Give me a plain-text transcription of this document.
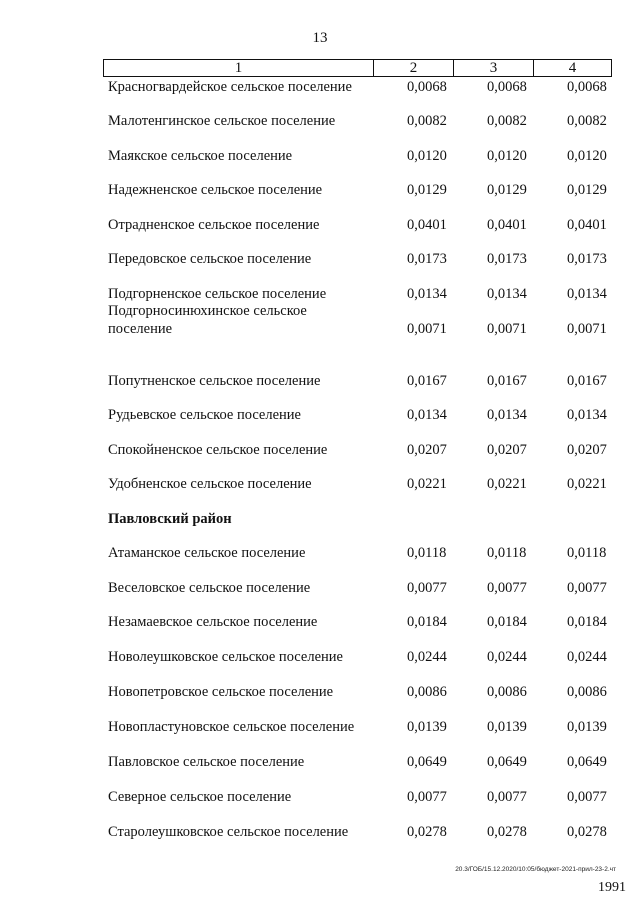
13
1	2	3	4
Красногвардейское сельское поселение	0,0068	0,0068	0,0068
Малотенгинское сельское поселение	0,0082	0,0082	0,0082
Маякское сельское поселение	0,0120	0,0120	0,0120
Надежненское сельское поселение	0,0129	0,0129	0,0129
Отрадненское сельское поселение	0,0401	0,0401	0,0401
Передовское сельское поселение	0,0173	0,0173	0,0173
Подгорненское сельское поселение	0,0134	0,0134	0,0134
Подгорносинюхинское сельское поселение	0,0071	0,0071	0,0071
Попутненское сельское поселение	0,0167	0,0167	0,0167
Рудьевское сельское поселение	0,0134	0,0134	0,0134
Спокойненское сельское поселение	0,0207	0,0207	0,0207
Удобненское сельское поселение	0,0221	0,0221	0,0221
Павловский район
Атаманское сельское поселение	0,0118	0,0118	0,0118
Веселовское сельское поселение	0,0077	0,0077	0,0077
Незамаевское сельское поселение	0,0184	0,0184	0,0184
Новолеушковское сельское поселение	0,0244	0,0244	0,0244
Новопетровское сельское поселение	0,0086	0,0086	0,0086
Новопластуновское сельское поселение	0,0139	0,0139	0,0139
Павловское сельское поселение	0,0649	0,0649	0,0649
Северное сельское поселение	0,0077	0,0077	0,0077
Старолеушковское сельское поселение	0,0278	0,0278	0,0278
20.3/ГОБ/15.12.2020/10:05/бюджет-2021-прил-23-2.чт
1991
